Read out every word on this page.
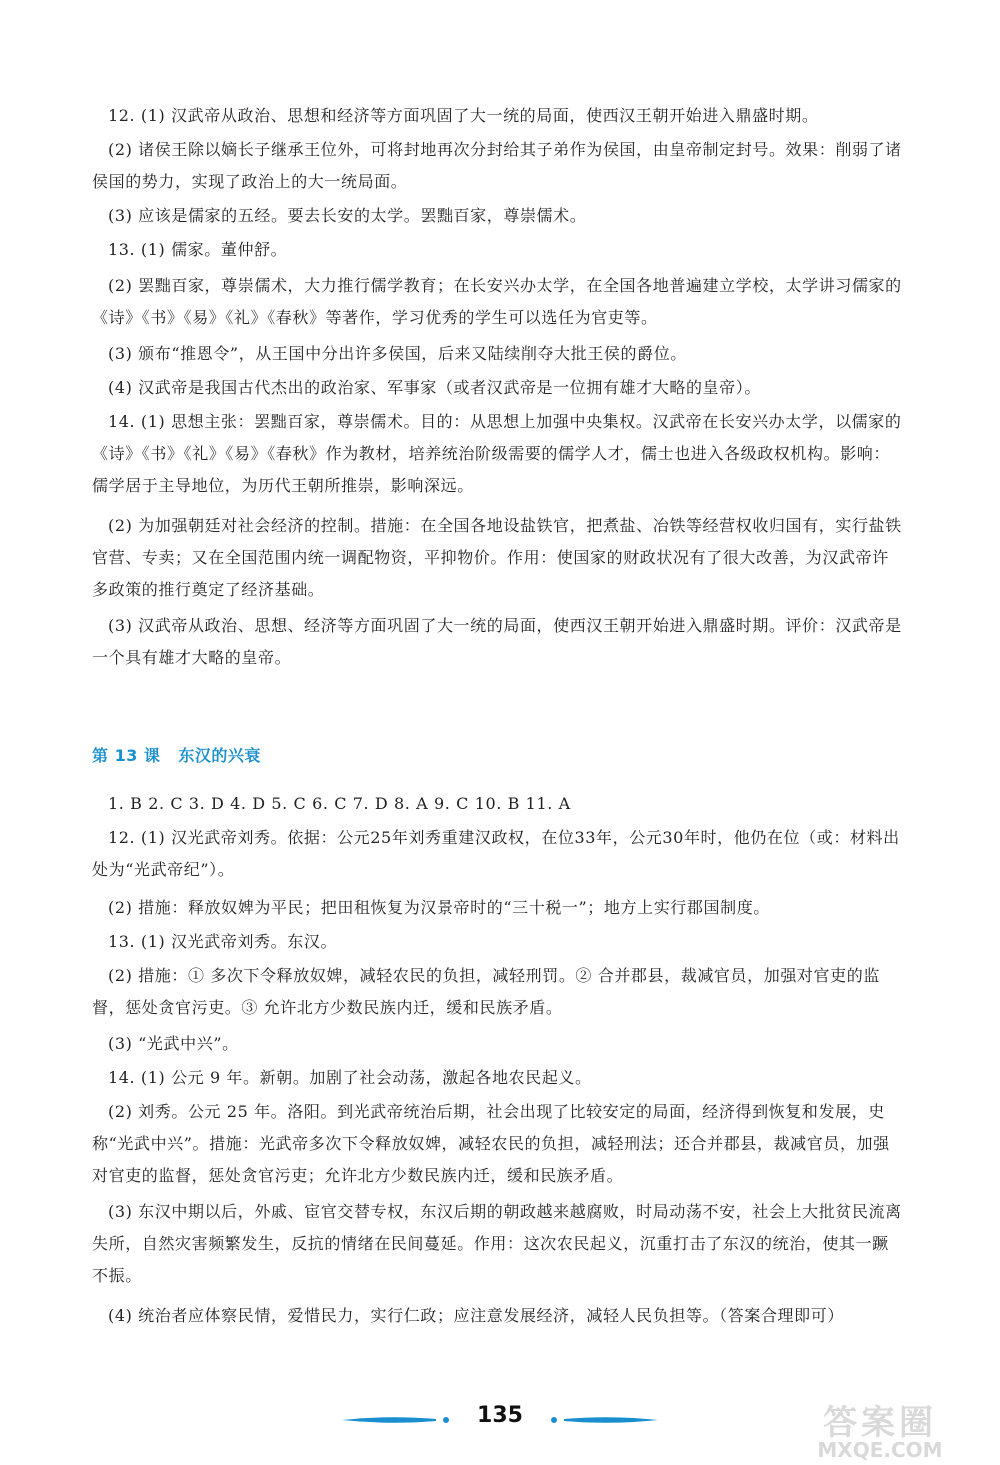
12. (1) 汉武帝从政治、思想和经济等方面巩固了大一统的局面，使西汉王朝开始进入鼎盛时期。

(2) 诸侯王除以嫡长子继承王位外，可将封地再次分封给其子弟作为侯国，由皇帝制定封号。效果：削弱了诸侯国的势力，实现了政治上的大一统局面。

(3) 应该是儒家的五经。要去长安的太学。罢黜百家，尊崇儒术。

13. (1) 儒家。董仲舒。

(2) 罢黜百家，尊崇儒术，大力推行儒学教育；在长安兴办太学，在全国各地普遍建立学校，太学讲习儒家的《诗》《书》《易》《礼》《春秋》等著作，学习优秀的学生可以选任为官吏等。

(3) 颁布“推恩令”，从王国中分出许多侯国，后来又陆续削夺大批王侯的爵位。

(4) 汉武帝是我国古代杰出的政治家、军事家（或者汉武帝是一位拥有雄才大略的皇帝）。

14. (1) 思想主张：罢黜百家，尊崇儒术。目的：从思想上加强中央集权。汉武帝在长安兴办太学，以儒家的《诗》《书》《礼》《易》《春秋》作为教材，培养统治阶级需要的儒学人才，儒士也进入各级政权机构。影响：儒学居于主导地位，为历代王朝所推崇，影响深远。

(2) 为加强朝廷对社会经济的控制。措施：在全国各地设盐铁官，把煮盐、冶铁等经营权收归国有，实行盐铁官营、专卖；又在全国范围内统一调配物资，平抑物价。作用：使国家的财政状况有了很大改善，为汉武帝许多政策的推行奠定了经济基础。

(3) 汉武帝从政治、思想、经济等方面巩固了大一统的局面，使西汉王朝开始进入鼎盛时期。评价：汉武帝是一个具有雄才大略的皇帝。

第 13 课 东汉的兴衰

1. B 2. C 3. D 4. D 5. C 6. C 7. D 8. A 9. C 10. B 11. A

12. (1) 汉光武帝刘秀。依据：公元25年刘秀重建汉政权，在位33年，公元30年时，他仍在位（或：材料出处为“光武帝纪”）。

(2) 措施：释放奴婢为平民；把田租恢复为汉景帝时的“三十税一”；地方上实行郡国制度。

13. (1) 汉光武帝刘秀。东汉。

(2) 措施：① 多次下令释放奴婢，减轻农民的负担，减轻刑罚。② 合并郡县，裁减官员，加强对官吏的监督，惩处贪官污吏。③ 允许北方少数民族内迁，缓和民族矛盾。

(3) “光武中兴”。

14. (1) 公元 9 年。新朝。加剧了社会动荡，激起各地农民起义。

(2) 刘秀。公元 25 年。洛阳。到光武帝统治后期，社会出现了比较安定的局面，经济得到恢复和发展，史称“光武中兴”。措施：光武帝多次下令释放奴婢，减轻农民的负担，减轻刑法；还合并郡县，裁减官员，加强对官吏的监督，惩处贪官污吏；允许北方少数民族内迁，缓和民族矛盾。

(3) 东汉中期以后，外戚、宦官交替专权，东汉后期的朝政越来越腐败，时局动荡不安，社会上大批贫民流离失所，自然灾害频繁发生，反抗的情绪在民间蔓延。作用：这次农民起义，沉重打击了东汉的统治，使其一蹶不振。

(4) 统治者应体察民情，爱惜民力，实行仁政；应注意发展经济，减轻人民负担等。（答案合理即可）

135	答案圈
MXQE.COM
